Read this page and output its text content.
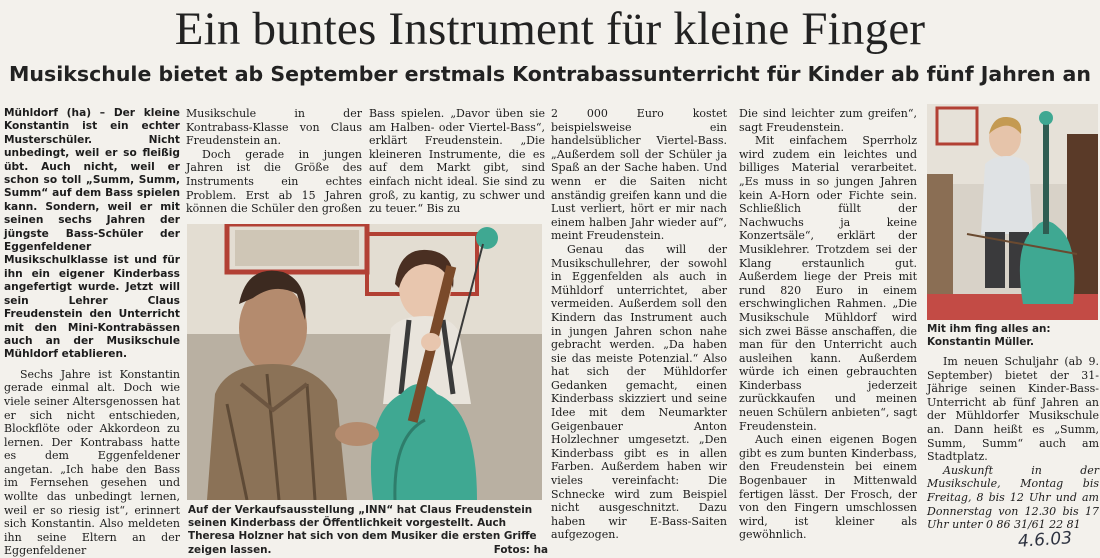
Ein buntes Instrument für kleine Finger
Musikschule bietet ab September erstmals Kontrabassunterricht für Kinder ab fünf Jahren an

Mühldorf (ha) – Der kleine Konstantin ist ein echter Musterschüler. Nicht unbedingt, weil er so fleißig übt. Auch nicht, weil er schon so toll „Summ, Summ, Summ“ auf dem Bass spielen kann. Sondern, weil er mit seinen sechs Jahren der jüngste Bass-Schüler der Eggenfeldener Musikschulklasse ist und für ihn ein eigener Kinderbass angefertigt wurde. Jetzt will sein Lehrer Claus Freudenstein den Unterricht mit den Mini-Kontrabässen auch an der Musikschule Mühldorf etablieren.

Sechs Jahre ist Konstantin gerade einmal alt. Doch wie viele seiner Altersgenossen hat er sich nicht entschieden, Blockflöte oder Akkordeon zu lernen. Der Kontrabass hatte es dem Eggenfeldener angetan. „Ich habe den Bass im Fernsehen gesehen und wollte das unbedingt lernen, weil er so riesig ist“, erinnert sich Konstantin. Also meldeten ihn seine Eltern an der Eggenfeldener

Musikschule in der Kontrabass-Klasse von Claus Freudenstein an.

Doch gerade in jungen Jahren ist die Größe des Instruments ein echtes Problem. Erst ab 15 Jahren können die Schüler den großen

Bass spielen. „Davor üben sie am Halben- oder Viertel-Bass“, erklärt Freudenstein. „Die kleineren Instrumente, die es auf dem Markt gibt, sind einfach nicht ideal. Sie sind zu groß, zu kantig, zu schwer und zu teuer.“ Bis zu

2 000 Euro kostet beispielsweise ein handelsüblicher Viertel-Bass. „Außerdem soll der Schüler ja Spaß an der Sache haben. Und wenn er die Saiten nicht anständig greifen kann und die Lust verliert, hört er mir nach einem halben Jahr wieder auf“, meint Freudenstein.

Genau das will der Musikschullehrer, der sowohl in Eggenfelden als auch in Mühldorf unterrichtet, aber vermeiden. Außerdem soll den Kindern das Instrument auch in jungen Jahren schon nahe gebracht werden. „Da haben sie das meiste Potenzial.“ Also hat sich der Mühldorfer Gedanken gemacht, einen Kinderbass skizziert und seine Idee mit dem Neumarkter Geigenbauer Anton Holzlechner umgesetzt. „Den Kinderbass gibt es in allen Farben. Außerdem haben wir vieles vereinfacht: Die Schnecke wird zum Beispiel nicht ausgeschnitzt. Dazu haben wir E-Bass-Saiten aufgezogen.

Die sind leichter zum greifen“, sagt Freudenstein.

Mit einfachem Sperrholz wird zudem ein leichtes und billiges Material verarbeitet. „Es muss in so jungen Jahren kein A-Horn oder Fichte sein. Schließlich füllt der Nachwuchs ja keine Konzertsäle“, erklärt der Musiklehrer. Trotzdem sei der Klang erstaunlich gut. Außerdem liege der Preis mit rund 820 Euro in einem erschwinglichen Rahmen. „Die Musikschule Mühldorf wird sich zwei Bässe anschaffen, die man für den Unterricht auch ausleihen kann. Außerdem würde ich einen gebrauchten Kinderbass jederzeit zurückkaufen und meinen neuen Schülern anbieten“, sagt Freudenstein.

Auch einen eigenen Bogen gibt es zum bunten Kinderbass, den Freudenstein bei einem Bogenbauer in Mittenwald fertigen lässt. Der Frosch, der von den Fingern umschlossen wird, ist kleiner als gewöhnlich.

Im neuen Schuljahr (ab 9. September) bietet der 31-Jährige seinen Kinder-Bass-Unterricht ab fünf Jahren an der Mühldorfer Musikschule an. Dann heißt es „Summ, Summ, Summ“ auch am Stadtplatz.

Auskunft in der Musikschule, Montag bis Freitag, 8 bis 12 Uhr und am Donnerstag von 12.30 bis 17 Uhr unter 0 86 31/61 22 81

Auf der Verkaufsausstellung „INN“ hat Claus Freudenstein seinen Kinderbass der Öffentlichkeit vorgestellt. Auch Theresa Holzner hat sich von dem Musiker die ersten Griffe zeigen lassen.	Fotos: ha
Mit ihm fing alles an: Konstantin Müller.
4.6.03
